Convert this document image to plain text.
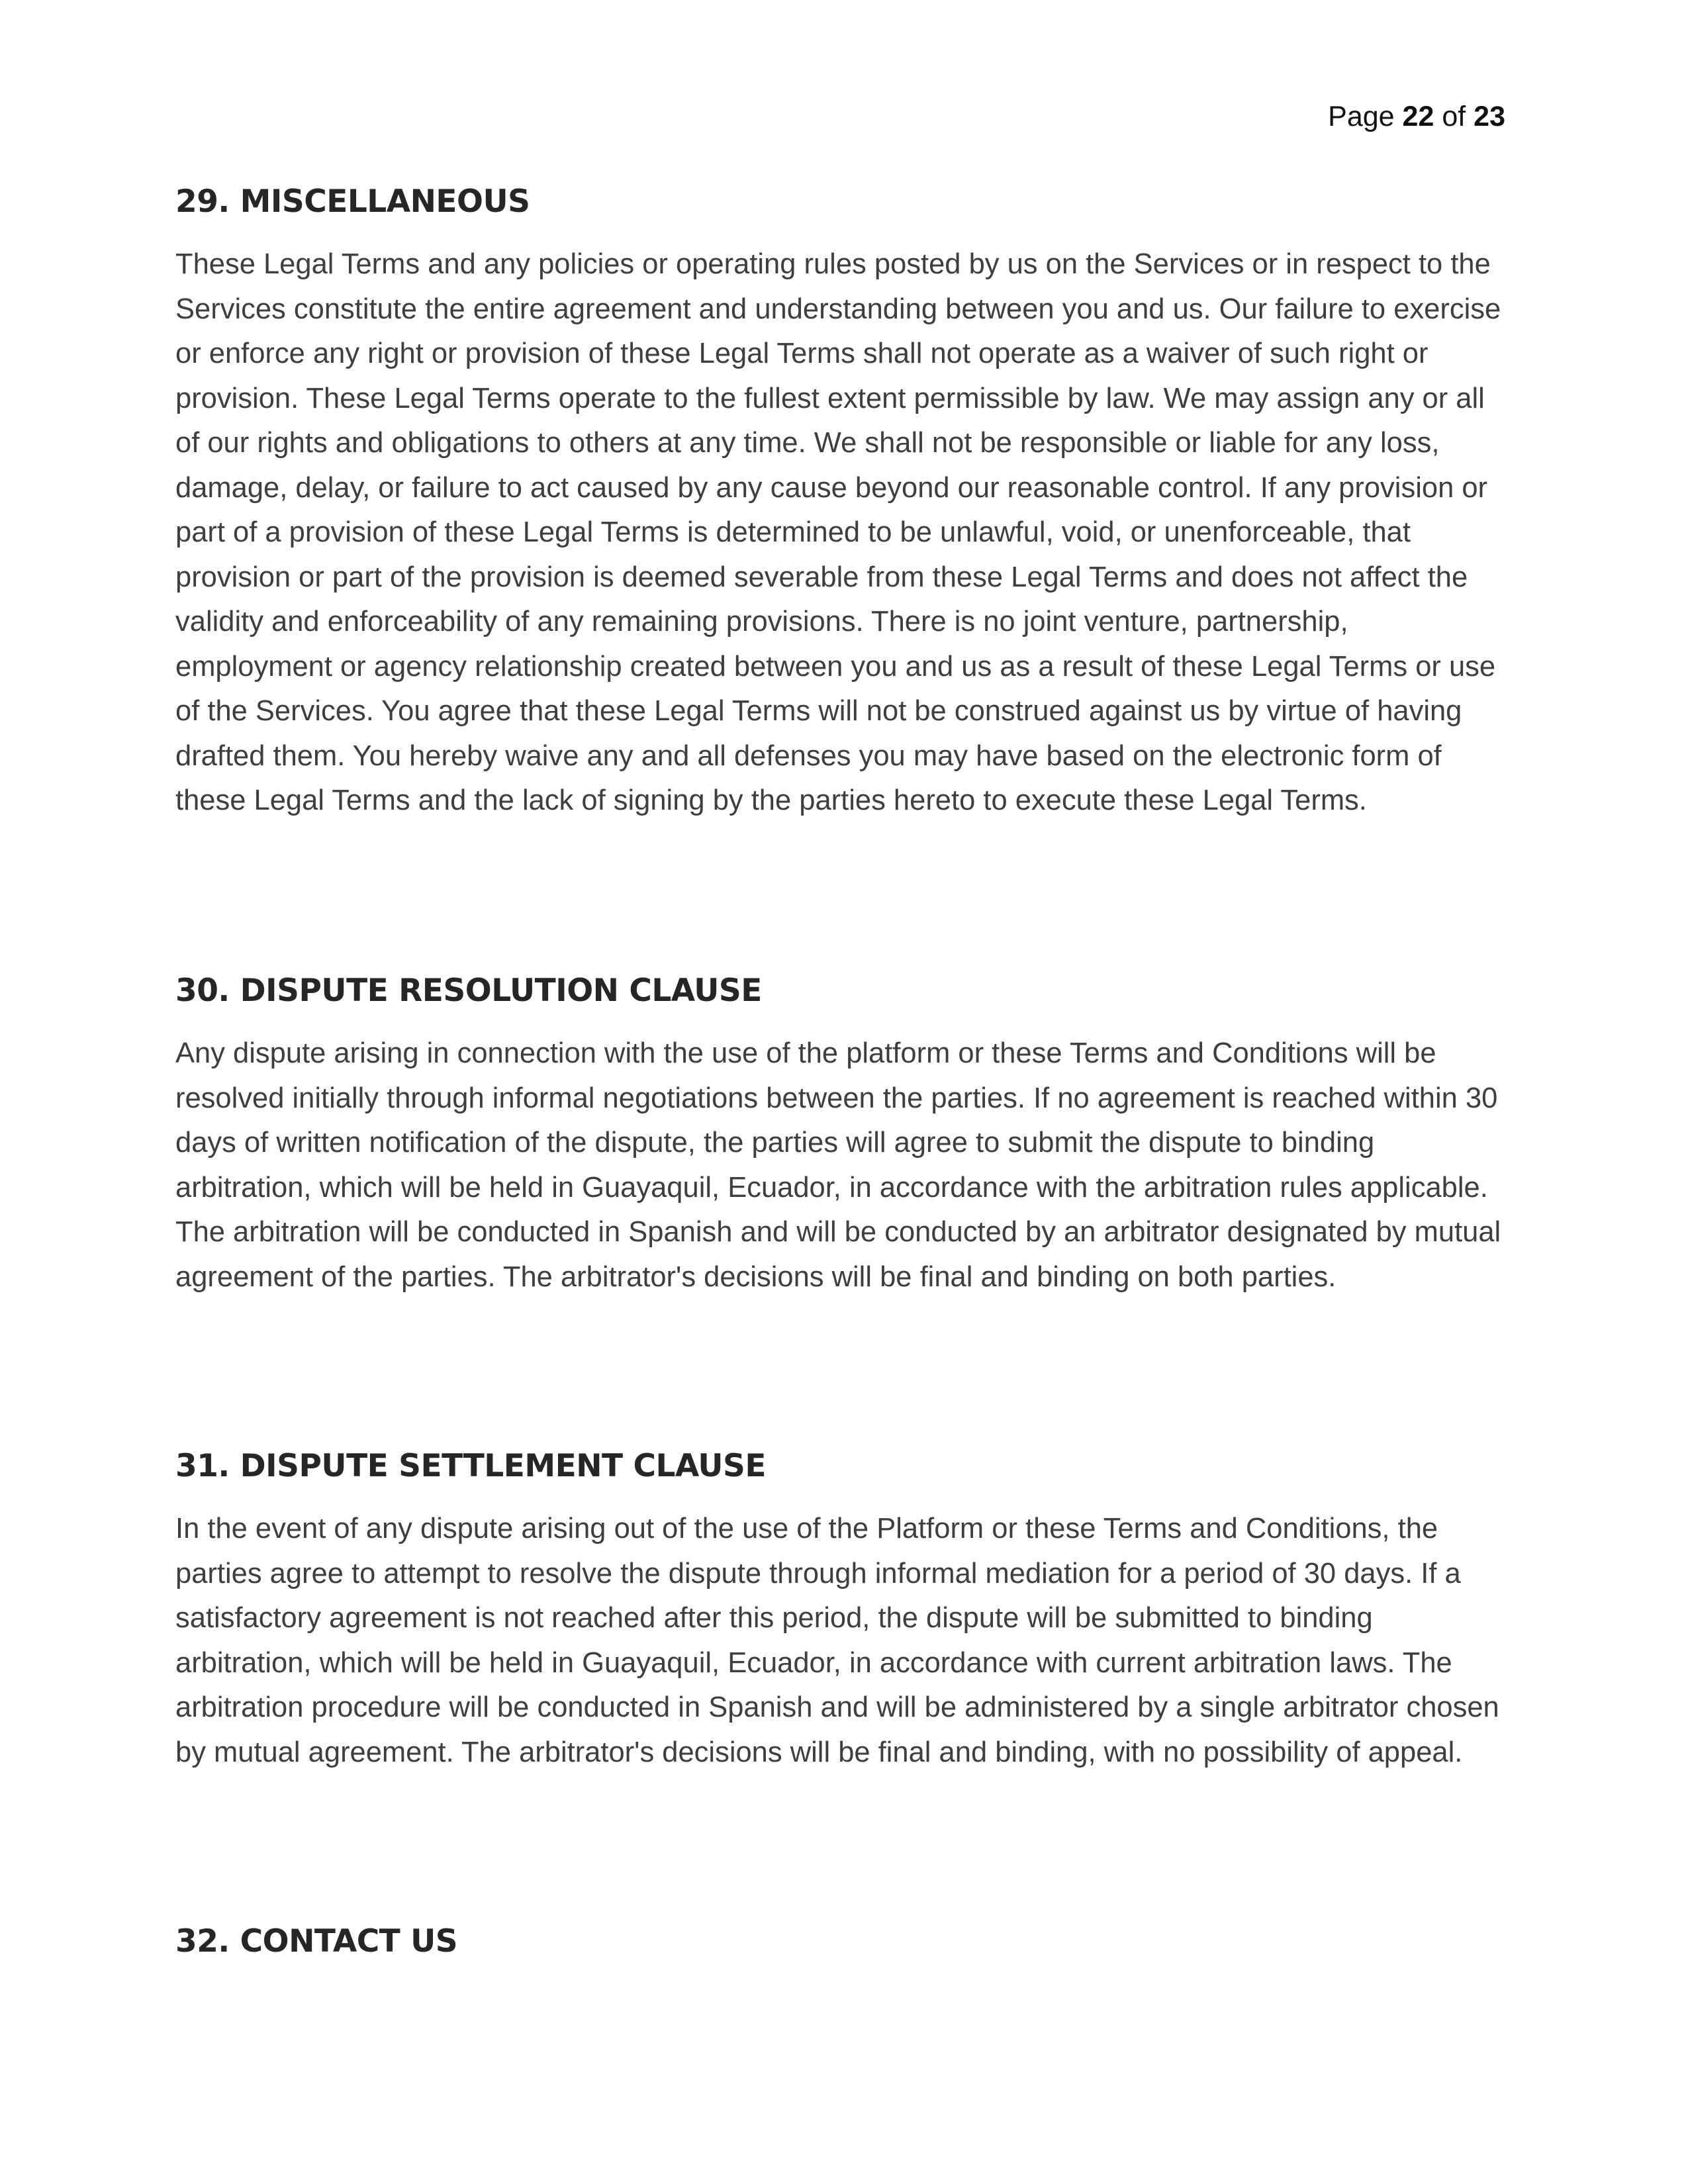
Page 22 of 23
29. MISCELLANEOUS

These Legal Terms and any policies or operating rules posted by us on the Services or in respect to the Services constitute the entire agreement and understanding between you and us. Our failure to exercise or enforce any right or provision of these Legal Terms shall not operate as a waiver of such right or provision. These Legal Terms operate to the fullest extent permissible by law. We may assign any or all of our rights and obligations to others at any time. We shall not be responsible or liable for any loss, damage, delay, or failure to act caused by any cause beyond our reasonable control. If any provision or part of a provision of these Legal Terms is determined to be unlawful, void, or unenforceable, that provision or part of the provision is deemed severable from these Legal Terms and does not affect the validity and enforceability of any remaining provisions. There is no joint venture, partnership, employment or agency relationship created between you and us as a result of these Legal Terms or use of the Services. You agree that these Legal Terms will not be construed against us by virtue of having drafted them. You hereby waive any and all defenses you may have based on the electronic form of these Legal Terms and the lack of signing by the parties hereto to execute these Legal Terms.

30. DISPUTE RESOLUTION CLAUSE

Any dispute arising in connection with the use of the platform or these Terms and Conditions will be resolved initially through informal negotiations between the parties. If no agreement is reached within 30 days of written notification of the dispute, the parties will agree to submit the dispute to binding arbitration, which will be held in Guayaquil, Ecuador, in accordance with the arbitration rules applicable. The arbitration will be conducted in Spanish and will be conducted by an arbitrator designated by mutual agreement of the parties. The arbitrator's decisions will be final and binding on both parties.

31. DISPUTE SETTLEMENT CLAUSE

In the event of any dispute arising out of the use of the Platform or these Terms and Conditions, the parties agree to attempt to resolve the dispute through informal mediation for a period of 30 days. If a satisfactory agreement is not reached after this period, the dispute will be submitted to binding arbitration, which will be held in Guayaquil, Ecuador, in accordance with current arbitration laws. The arbitration procedure will be conducted in Spanish and will be administered by a single arbitrator chosen by mutual agreement. The arbitrator's decisions will be final and binding, with no possibility of appeal.

32. CONTACT US
